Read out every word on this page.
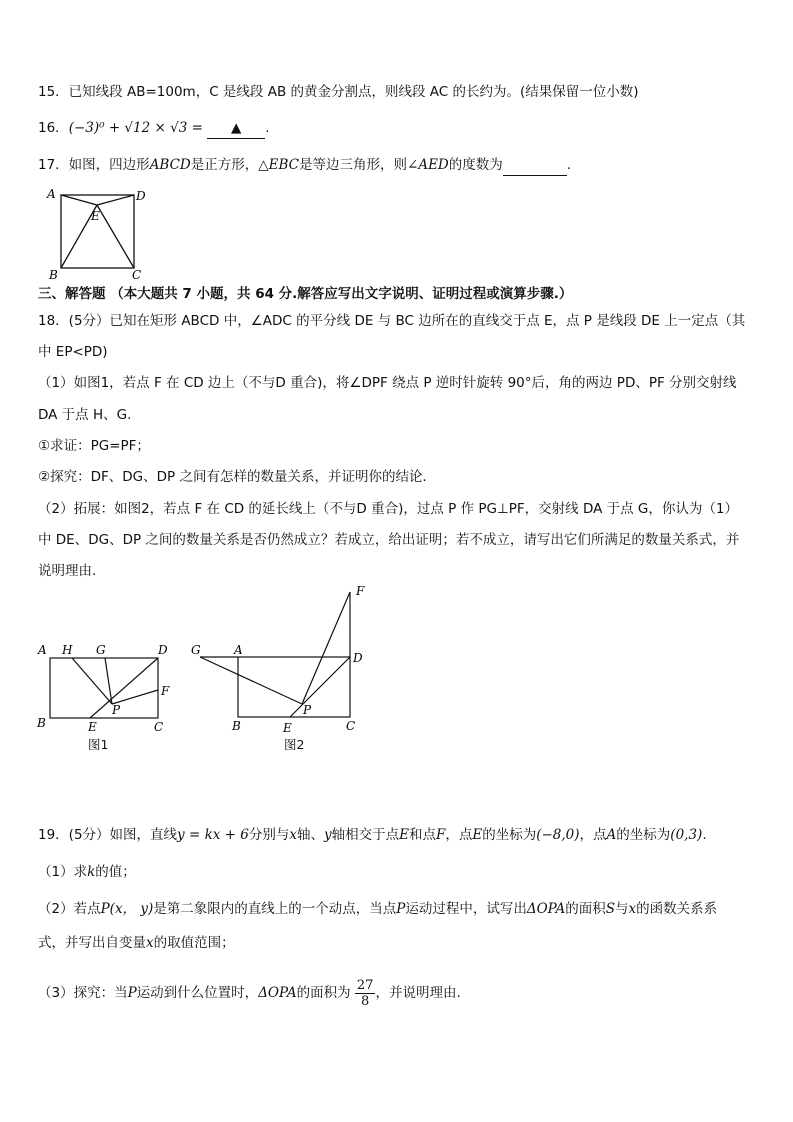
15．已知线段 AB=100m，C 是线段 AB 的黄金分割点，则线段 AC 的长约为。(结果保留一位小数)
16．(−3)⁰ + √12 × √3 = ▲ .
17．如图，四边形ABCD是正方形，△EBC是等边三角形，则∠AED的度数为	.
A	D
E
B	C
三、解答题 （本大题共 7 小题，共 64 分.解答应写出文字说明、证明过程或演算步骤.）
18．(5分）已知在矩形 ABCD 中，∠ADC 的平分线 DE 与 BC 边所在的直线交于点 E，点 P 是线段 DE 上一定点（其
中 EP<PD)
（1）如图1，若点 F 在 CD 边上（不与D 重合)，将∠DPF 绕点 P 逆时针旋转 90°后，角的两边 PD、PF 分别交射线
DA 于点 H、G.
①求证：PG=PF；
②探究：DF、DG、DP 之间有怎样的数量关系，并证明你的结论．
（2）拓展：如图2，若点 F 在 CD 的延长线上（不与D 重合)，过点 P 作 PG⊥PF，交射线 DA 于点 G，你认为（1）
中 DE、DG、DP 之间的数量关系是否仍然成立？若成立，给出证明；若不成立，请写出它们所满足的数量关系式，并
说明理由.
A H G	D
F
P
B	E	C
图1
G	A
D
F
P
B	E	C
图2
19．(5分）如图，直线y = kx + 6分别与x轴、y轴相交于点E和点F，点E的坐标为(−8,0)，点A的坐标为(0,3).
（1）求k的值；
（2）若点P(x， y)是第二象限内的直线上的一个动点，当点P运动过程中，试写出ΔOPA的面积S与x的函数关系系
式，并写出自变量x的取值范围；
（3）探究：当P运动到什么位置时，ΔOPA的面积为 $\frac{27}{8}$ ，并说明理由.
